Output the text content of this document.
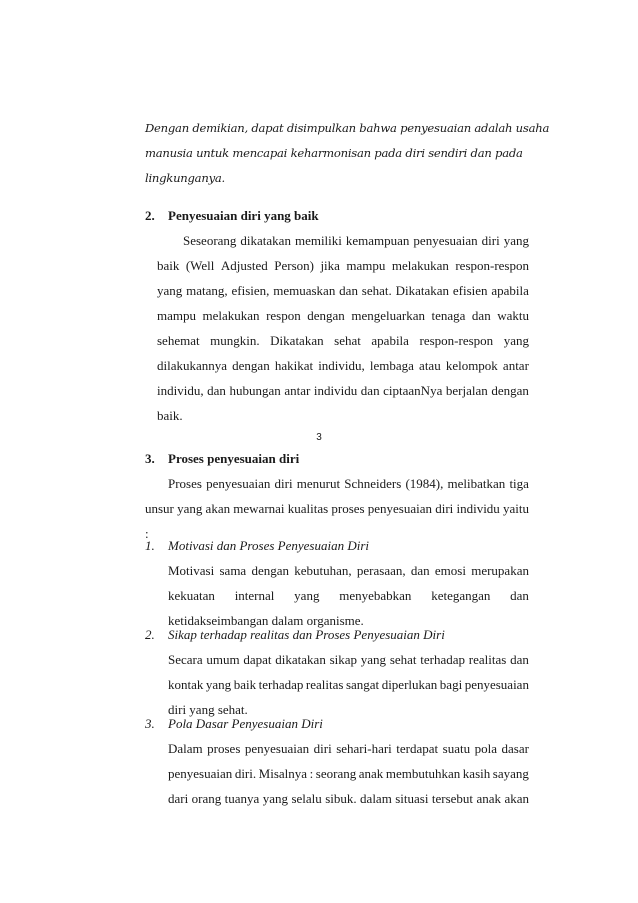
Dengan demikian, dapat disimpulkan bahwa penyesuaian adalah usaha
manusia untuk mencapai keharmonisan pada diri sendiri dan pada
lingkunganya.
2. Penyesuaian diri yang baik
Seseorang dikatakan memiliki kemampuan penyesuaian diri yang
baik (Well Adjusted Person) jika mampu melakukan respon-respon
yang matang, efisien, memuaskan dan sehat. Dikatakan efisien apabila
mampu melakukan respon dengan mengeluarkan tenaga dan waktu
sehemat mungkin. Dikatakan sehat apabila respon-respon yang
dilakukannya dengan hakikat individu, lembaga atau kelompok antar
individu, dan hubungan antar individu dan ciptaanNya berjalan dengan
baik.
3
3. Proses penyesuaian diri
Proses penyesuaian diri menurut Schneiders (1984), melibatkan tiga
unsur yang akan mewarnai kualitas proses penyesuaian diri individu yaitu
:
1. Motivasi dan Proses Penyesuaian Diri
Motivasi sama dengan kebutuhan, perasaan, dan emosi merupakan
kekuatan internal yang menyebabkan ketegangan dan
ketidakseimbangan dalam organisme.
2. Sikap terhadap realitas dan Proses Penyesuaian Diri
Secara umum dapat dikatakan sikap yang sehat terhadap realitas dan
kontak yang baik terhadap realitas sangat diperlukan bagi penyesuaian
diri yang sehat.
3. Pola Dasar Penyesuaian Diri
Dalam proses penyesuaian diri sehari-hari terdapat suatu pola dasar
penyesuaian diri. Misalnya : seorang anak membutuhkan kasih sayang
dari orang tuanya yang selalu sibuk. dalam situasi tersebut anak akan
